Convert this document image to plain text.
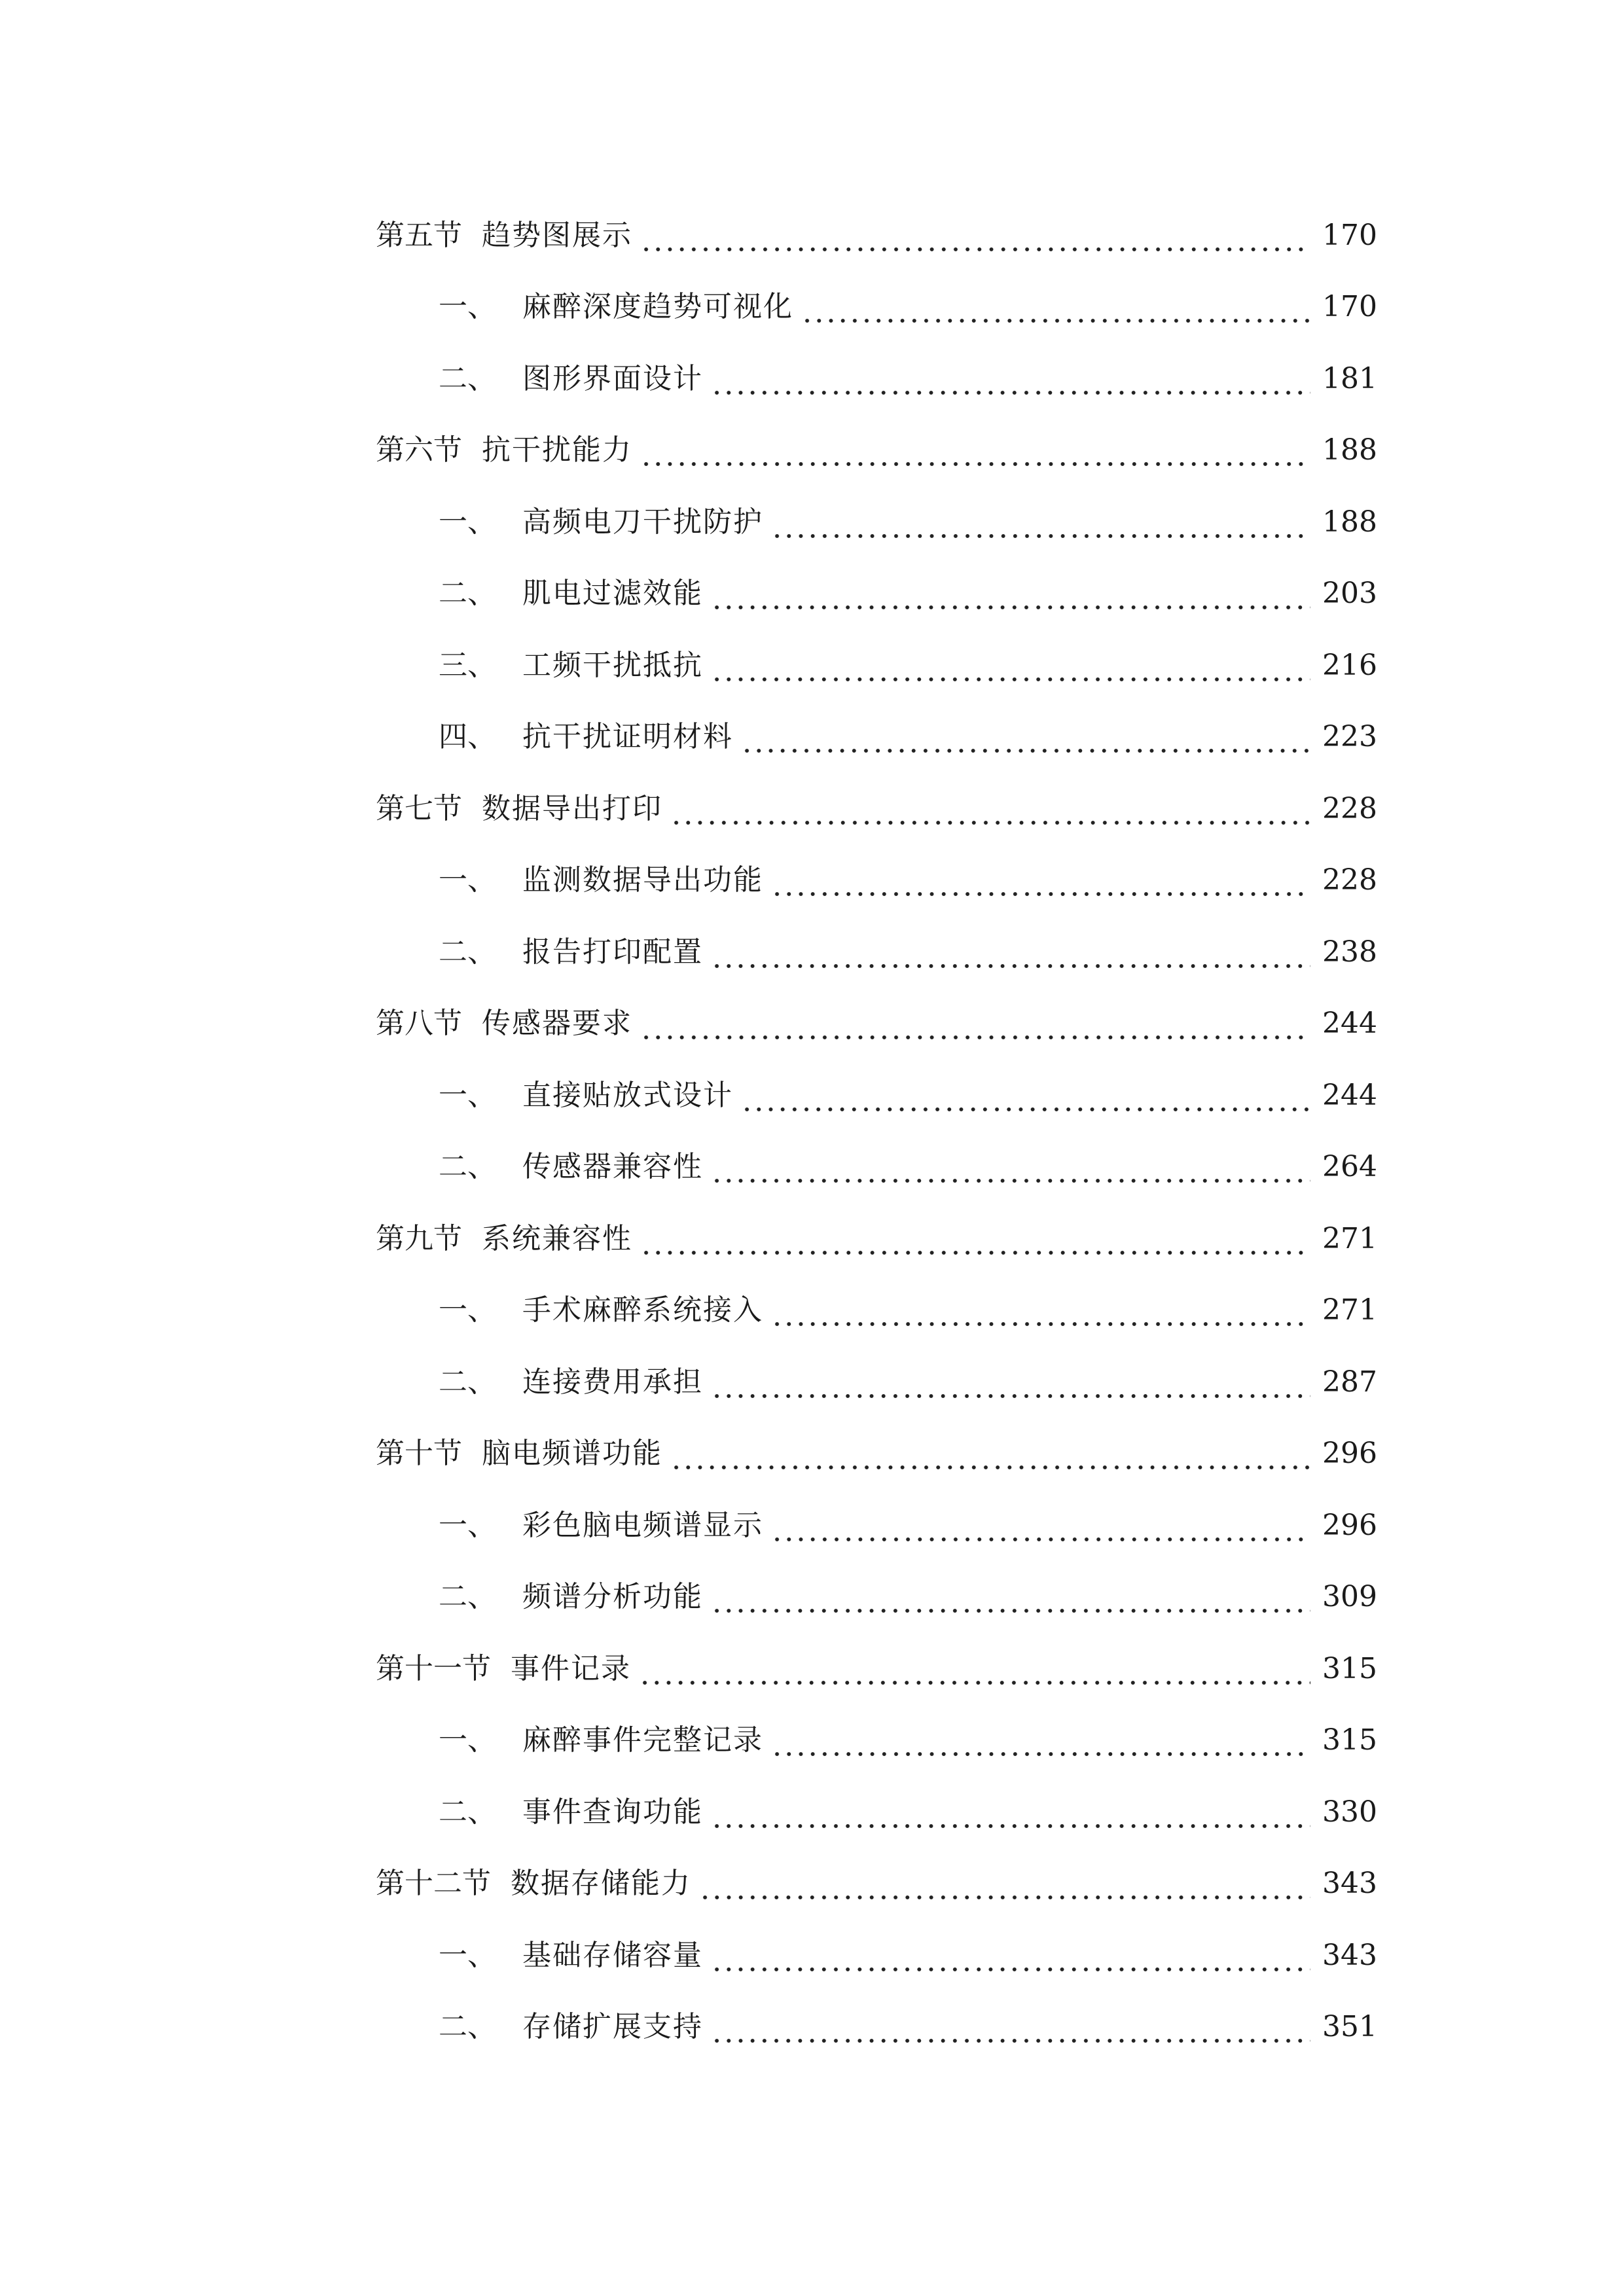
第五节 趋势图展示	170
一、 麻醉深度趋势可视化	170
二、 图形界面设计	181
第六节 抗干扰能力	188
一、 高频电刀干扰防护	188
二、 肌电过滤效能	203
三、 工频干扰抵抗	216
四、 抗干扰证明材料	223
第七节 数据导出打印	228
一、 监测数据导出功能	228
二、 报告打印配置	238
第八节 传感器要求	244
一、 直接贴放式设计	244
二、 传感器兼容性	264
第九节 系统兼容性	271
一、 手术麻醉系统接入	271
二、 连接费用承担	287
第十节 脑电频谱功能	296
一、 彩色脑电频谱显示	296
二、 频谱分析功能	309
第十一节 事件记录	315
一、 麻醉事件完整记录	315
二、 事件查询功能	330
第十二节 数据存储能力	343
一、 基础存储容量	343
二、 存储扩展支持	351
